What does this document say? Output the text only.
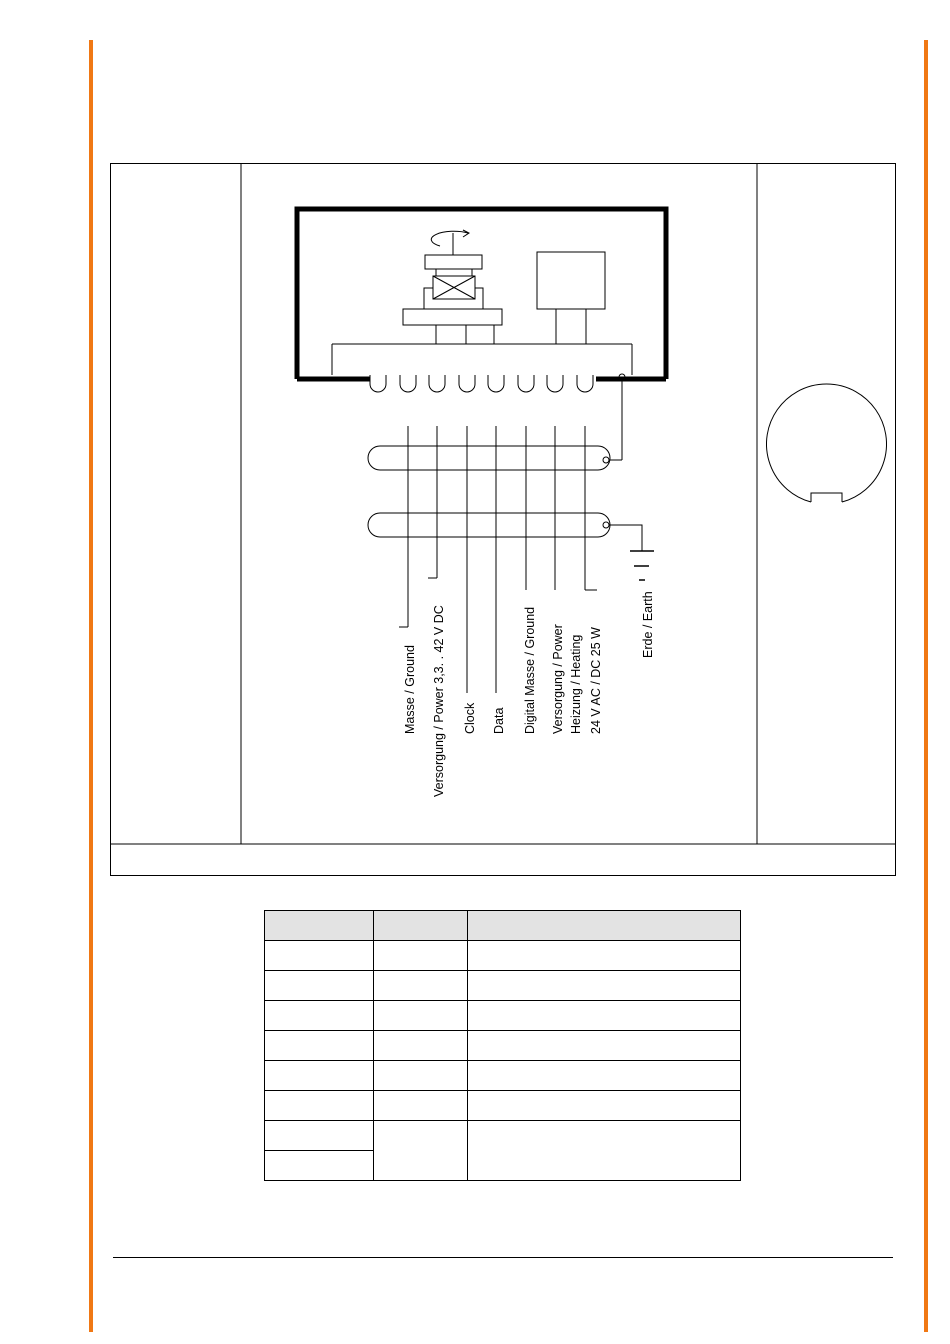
Masse / Ground Versorgung / Power 3,3. . 42 V DC Clock Data Digital Masse / Ground Versorgung / Power Heizung / Heating 24 V AC / DC 25 W
Erde / Earth
